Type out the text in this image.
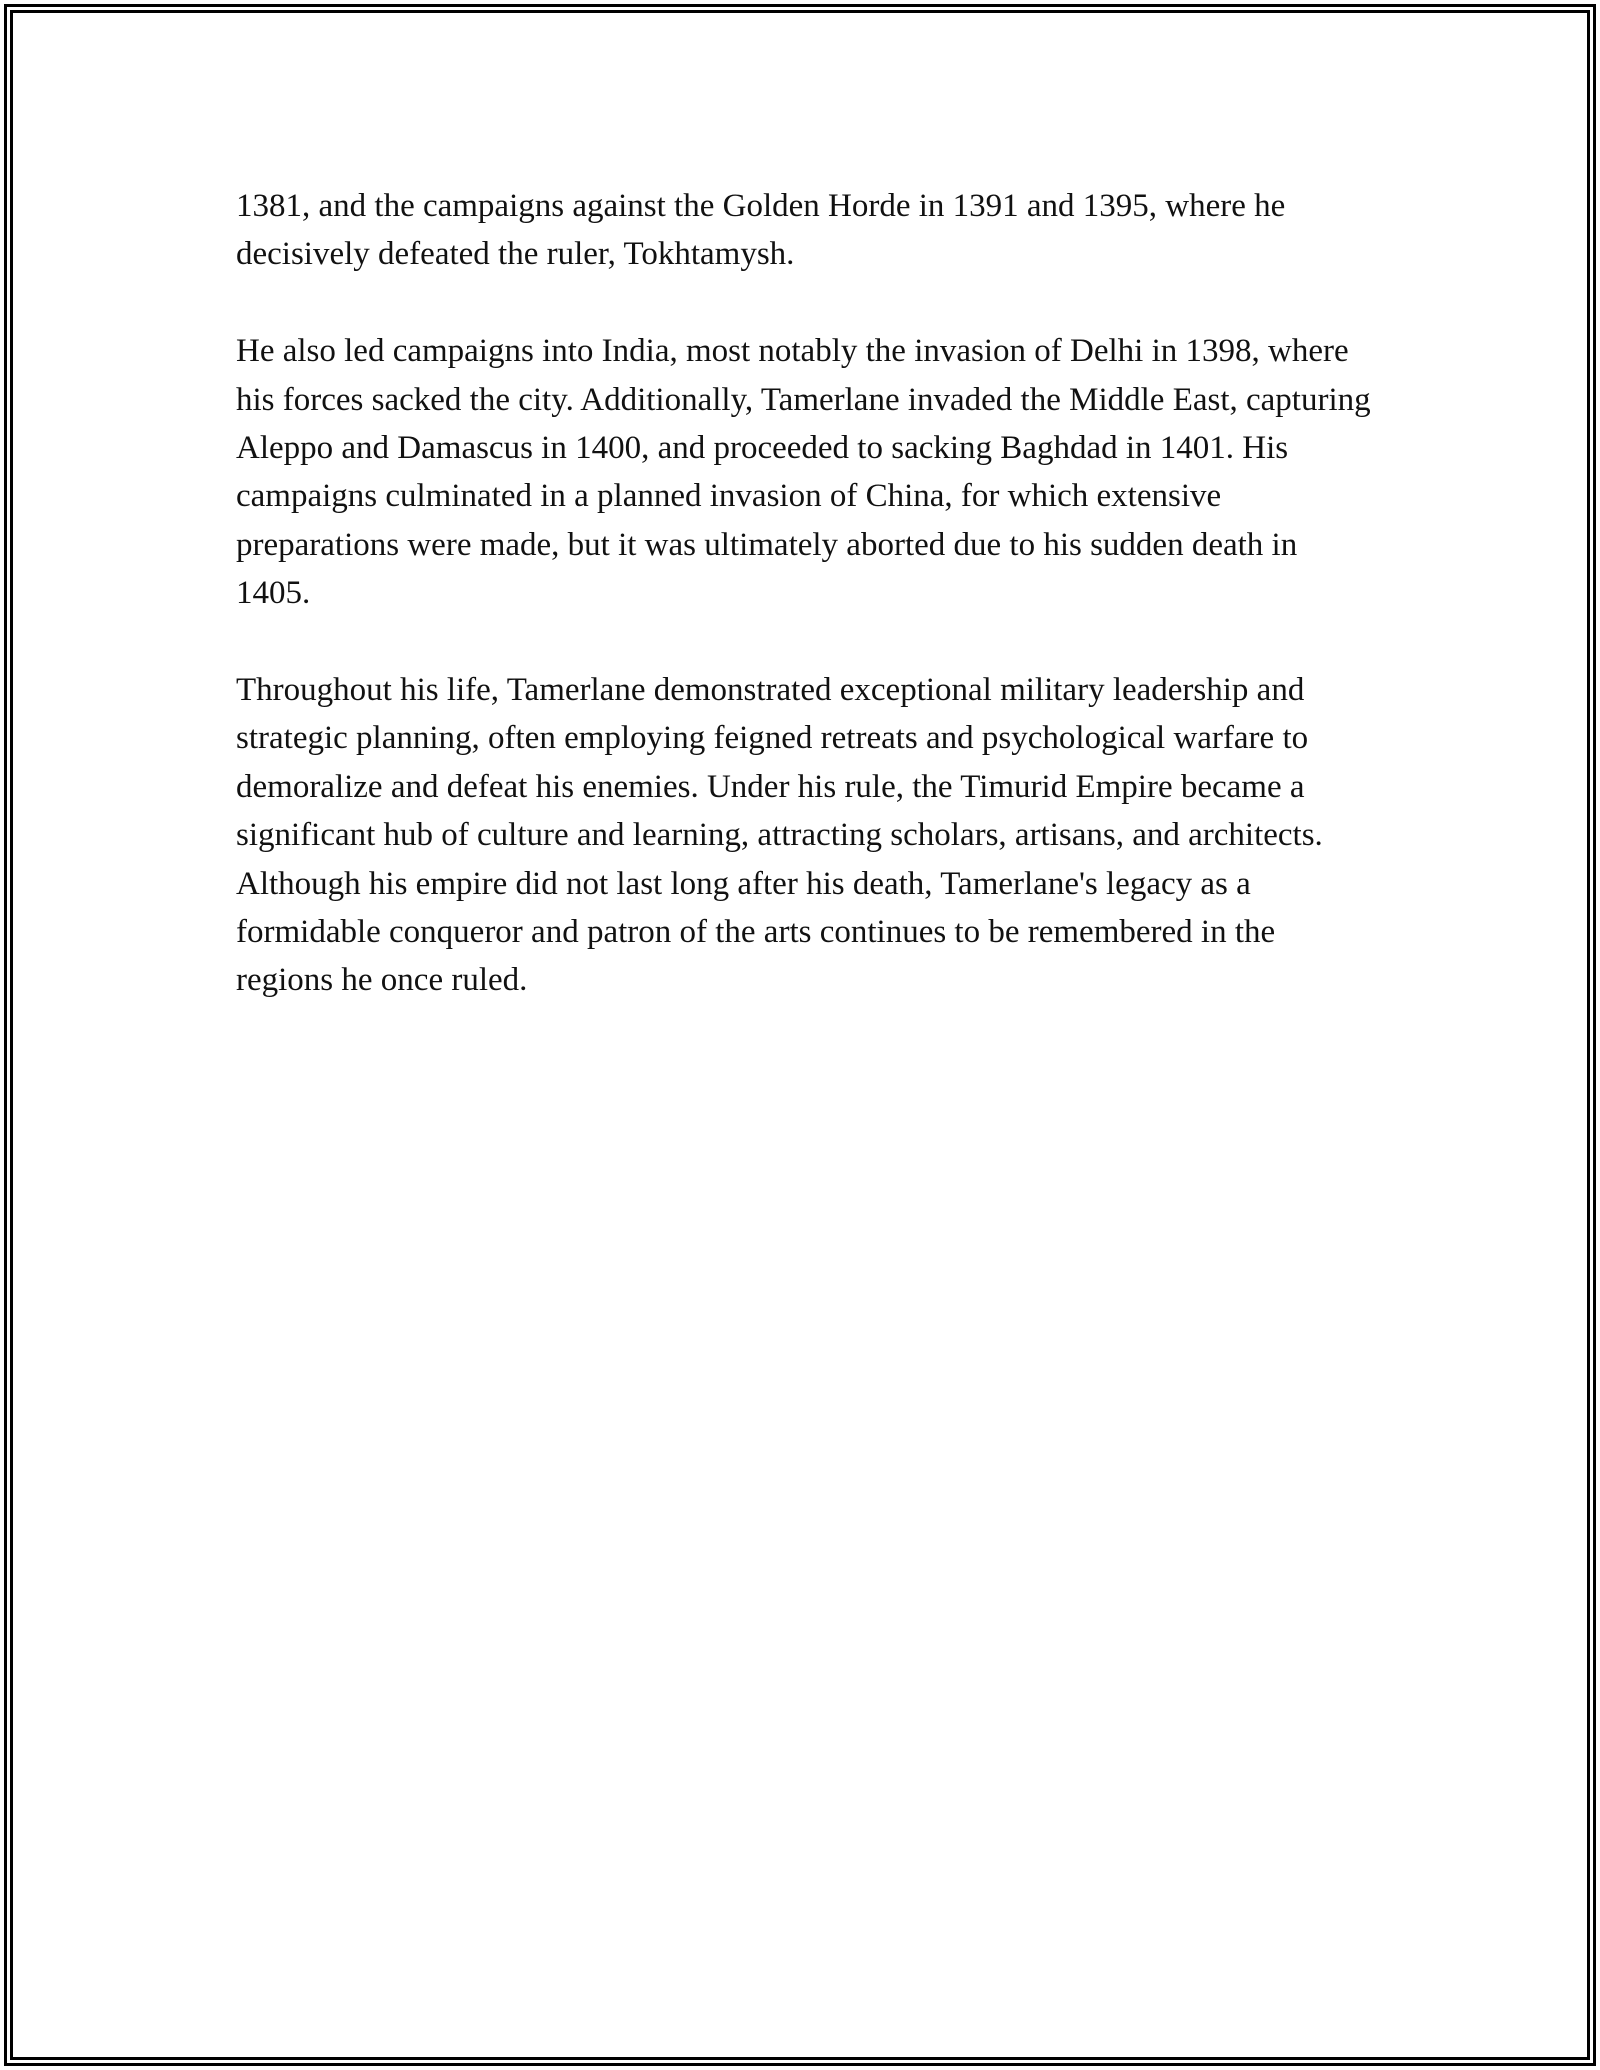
1381, and the campaigns against the Golden Horde in 1391 and 1395, where he decisively defeated the ruler, Tokhtamysh.

He also led campaigns into India, most notably the invasion of Delhi in 1398, where his forces sacked the city. Additionally, Tamerlane invaded the Middle East, capturing Aleppo and Damascus in 1400, and proceeded to sacking Baghdad in 1401. His campaigns culminated in a planned invasion of China, for which extensive preparations were made, but it was ultimately aborted due to his sudden death in 1405.

Throughout his life, Tamerlane demonstrated exceptional military leadership and strategic planning, often employing feigned retreats and psychological warfare to demoralize and defeat his enemies. Under his rule, the Timurid Empire became a significant hub of culture and learning, attracting scholars, artisans, and architects. Although his empire did not last long after his death, Tamerlane's legacy as a formidable conqueror and patron of the arts continues to be remembered in the regions he once ruled.
